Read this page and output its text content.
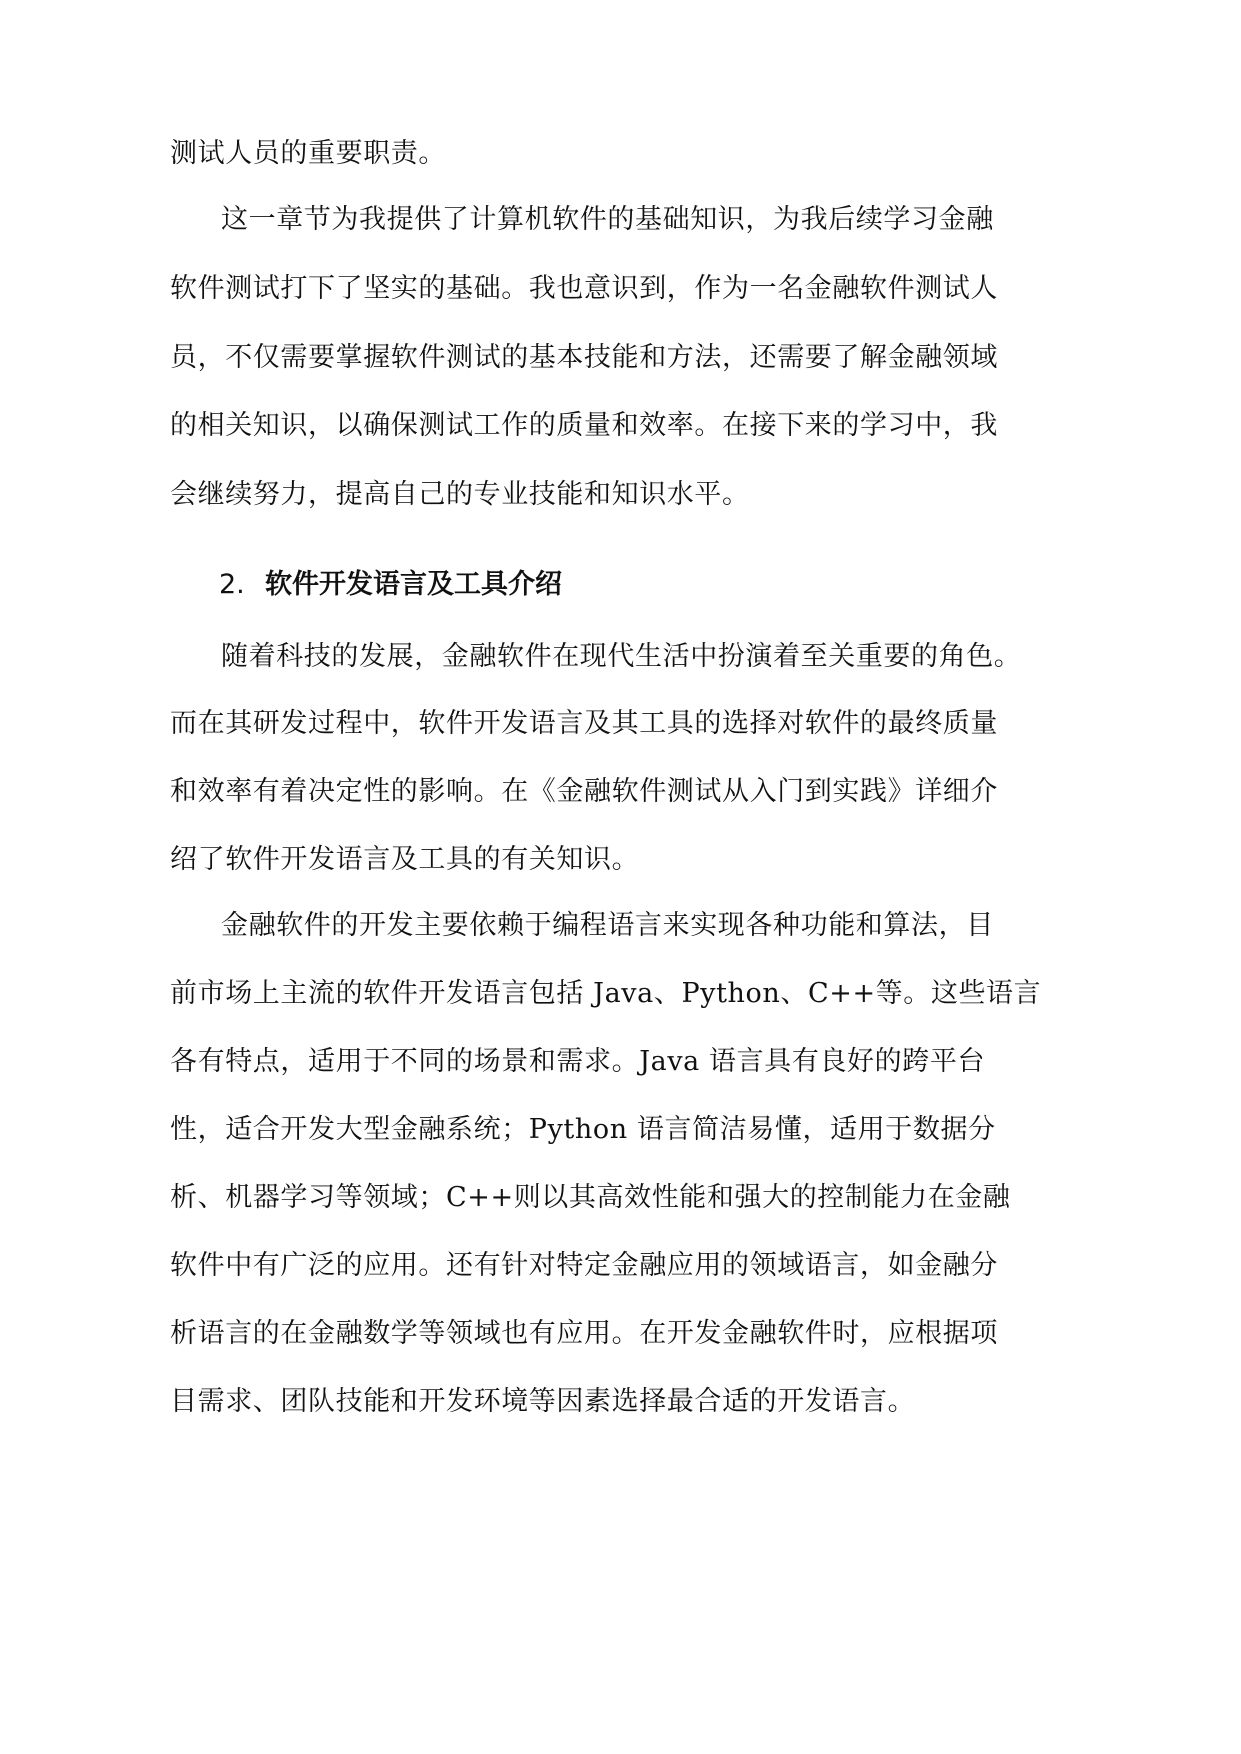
测试人员的重要职责。
这一章节为我提供了计算机软件的基础知识，为我后续学习金融
软件测试打下了坚实的基础。我也意识到，作为一名金融软件测试人
员，不仅需要掌握软件测试的基本技能和方法，还需要了解金融领域
的相关知识，以确保测试工作的质量和效率。在接下来的学习中，我
会继续努力，提高自己的专业技能和知识水平。
2. 软件开发语言及工具介绍
随着科技的发展，金融软件在现代生活中扮演着至关重要的角色。
而在其研发过程中，软件开发语言及其工具的选择对软件的最终质量
和效率有着决定性的影响。在《金融软件测试从入门到实践》详细介
绍了软件开发语言及工具的有关知识。
金融软件的开发主要依赖于编程语言来实现各种功能和算法，目
前市场上主流的软件开发语言包括 Java、Python、C++等。这些语言
各有特点，适用于不同的场景和需求。Java 语言具有良好的跨平台
性，适合开发大型金融系统；Python 语言简洁易懂，适用于数据分
析、机器学习等领域；C++则以其高效性能和强大的控制能力在金融
软件中有广泛的应用。还有针对特定金融应用的领域语言，如金融分
析语言的在金融数学等领域也有应用。在开发金融软件时，应根据项
目需求、团队技能和开发环境等因素选择最合适的开发语言。
